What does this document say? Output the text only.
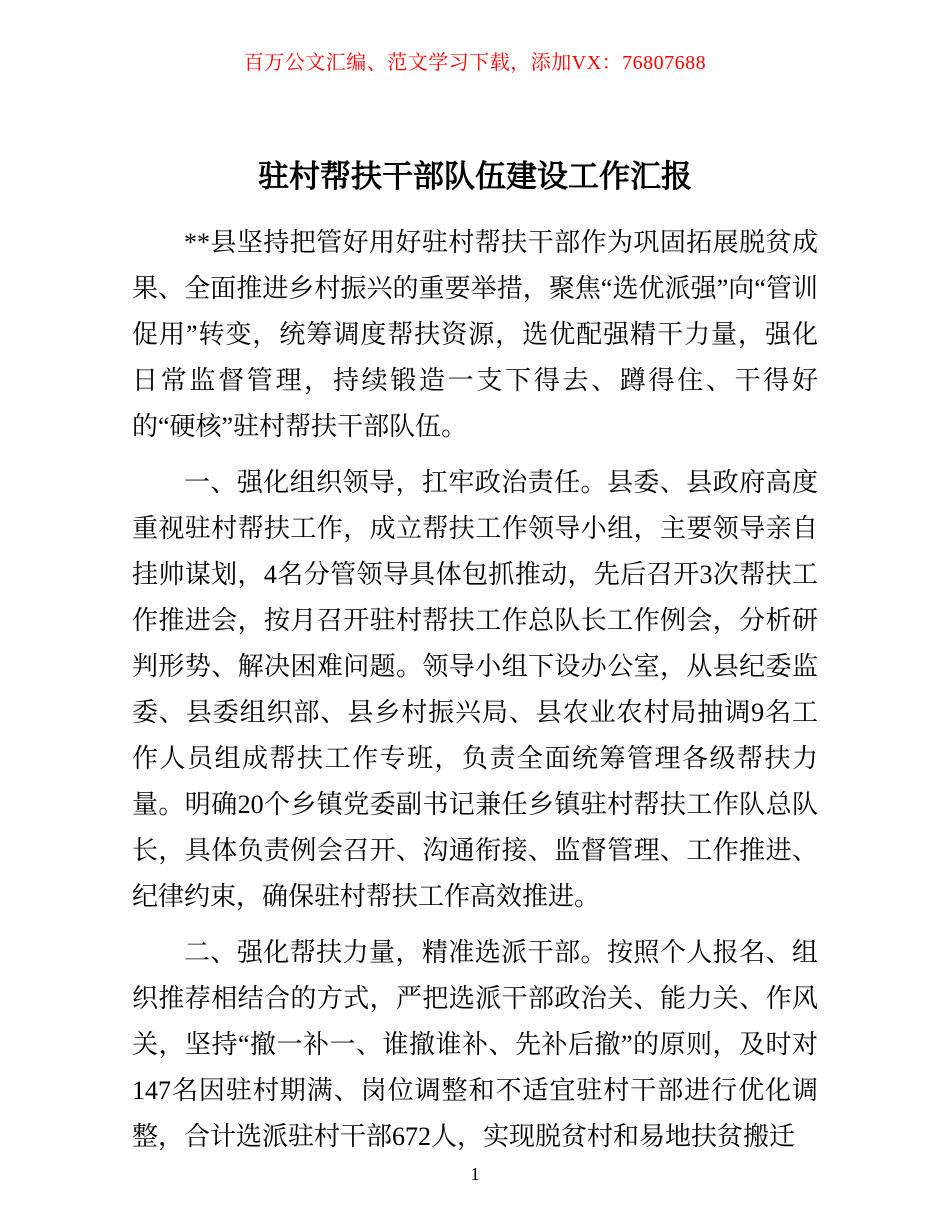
百万公文汇编、范文学习下载，添加VX：76807688
驻村帮扶干部队伍建设工作汇报

**县坚持把管好用好驻村帮扶干部作为巩固拓展脱贫成果、全面推进乡村振兴的重要举措，聚焦“选优派强”向“管训促用”转变，统筹调度帮扶资源，选优配强精干力量，强化日常监督管理，持续锻造一支下得去、蹲得住、干得好的“硬核”驻村帮扶干部队伍。

一、强化组织领导，扛牢政治责任。县委、县政府高度重视驻村帮扶工作，成立帮扶工作领导小组，主要领导亲自挂帅谋划，4名分管领导具体包抓推动，先后召开3次帮扶工作推进会，按月召开驻村帮扶工作总队长工作例会，分析研判形势、解决困难问题。领导小组下设办公室，从县纪委监委、县委组织部、县乡村振兴局、县农业农村局抽调9名工作人员组成帮扶工作专班，负责全面统筹管理各级帮扶力量。明确20个乡镇党委副书记兼任乡镇驻村帮扶工作队总队长，具体负责例会召开、沟通衔接、监督管理、工作推进、纪律约束，确保驻村帮扶工作高效推进。

二、强化帮扶力量，精准选派干部。按照个人报名、组织推荐相结合的方式，严把选派干部政治关、能力关、作风关，坚持“撤一补一、谁撤谁补、先补后撤”的原则，及时对147名因驻村期满、岗位调整和不适宜驻村干部进行优化调整，合计选派驻村干部672人，实现脱贫村和易地扶贫搬迁

1
